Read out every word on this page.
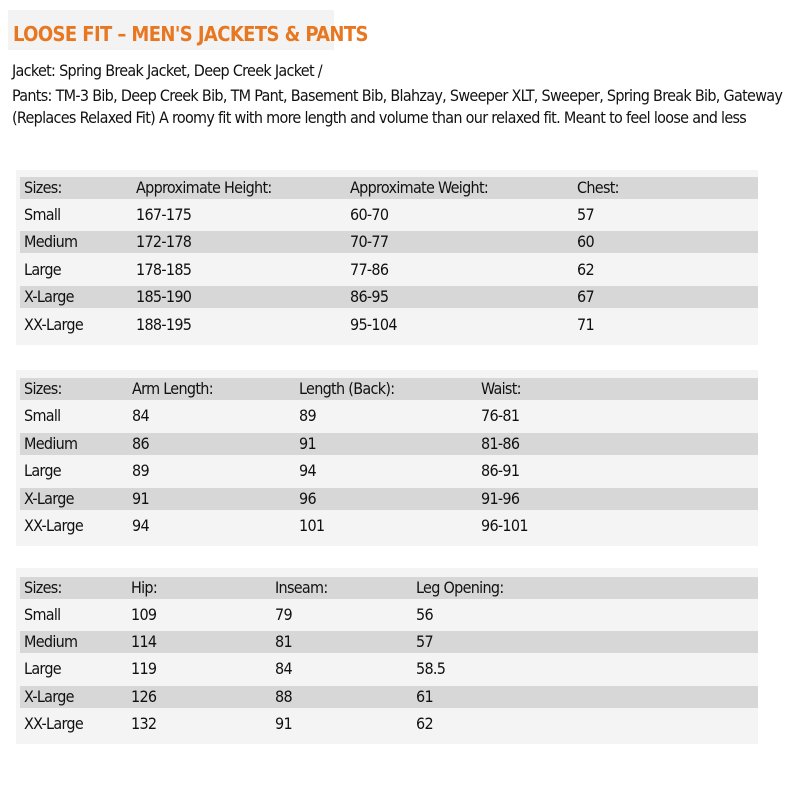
LOOSE FIT – MEN'S JACKETS & PANTS
Jacket: Spring Break Jacket, Deep Creek Jacket /
Pants: TM-3 Bib, Deep Creek Bib, TM Pant, Basement Bib, Blahzay, Sweeper XLT, Sweeper, Spring Break Bib, Gateway
(Replaces Relaxed Fit) A roomy fit with more length and volume than our relaxed fit. Meant to feel loose and less
Sizes:	Approximate Height:	Approximate Weight:	Chest:
Small	167-175	60-70	57
Medium	172-178	70-77	60
Large	178-185	77-86	62
X-Large	185-190	86-95	67
XX-Large	188-195	95-104	71
Sizes:	Arm Length:	Length (Back):	Waist:
Small	84	89	76-81
Medium	86	91	81-86
Large	89	94	86-91
X-Large	91	96	91-96
XX-Large	94	101	96-101
Sizes:	Hip:	Inseam:	Leg Opening:
Small	109	79	56
Medium	114	81	57
Large	119	84	58.5
X-Large	126	88	61
XX-Large	132	91	62
